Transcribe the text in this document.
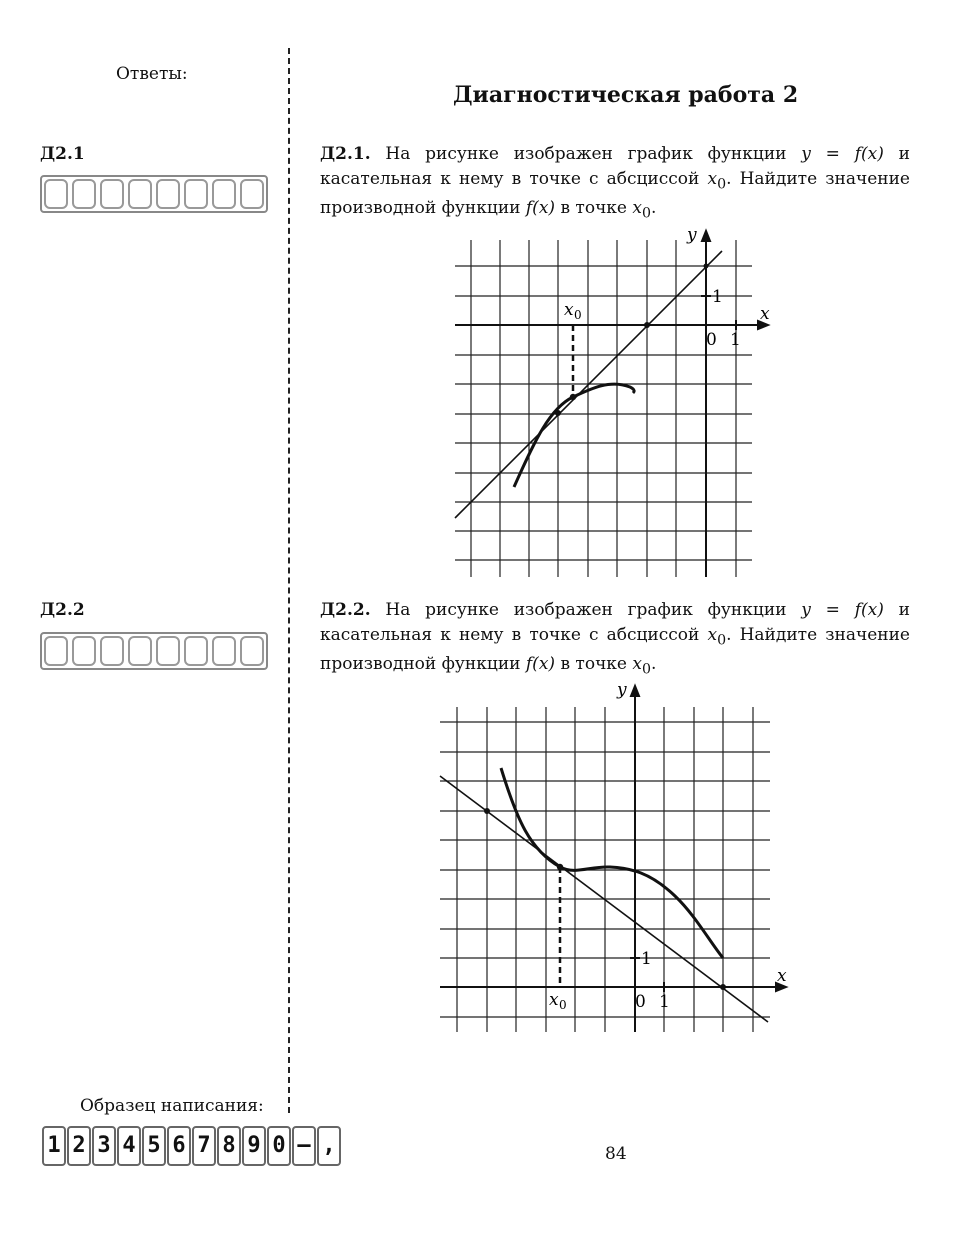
Ответы:
Д2.1
Д2.2
Образец написания:
1 2 3 4 5 6 7 8 9 0 – ,
Диагностическая работа 2
Д2.1. На рисунке изображен график функции y = f(x) и касательная к нему в точке с абсциссой $x_0$. Найдите значение производной функции f(x) в точке $x_0$.
y
x
0 1
1
x 0
Д2.2. На рисунке изображен график функции y = f(x) и касательная к нему в точке с абсциссой $x_0$. Найдите значение производной функции f(x) в точке $x_0$.
y
x
0 1
1
x 0
84
